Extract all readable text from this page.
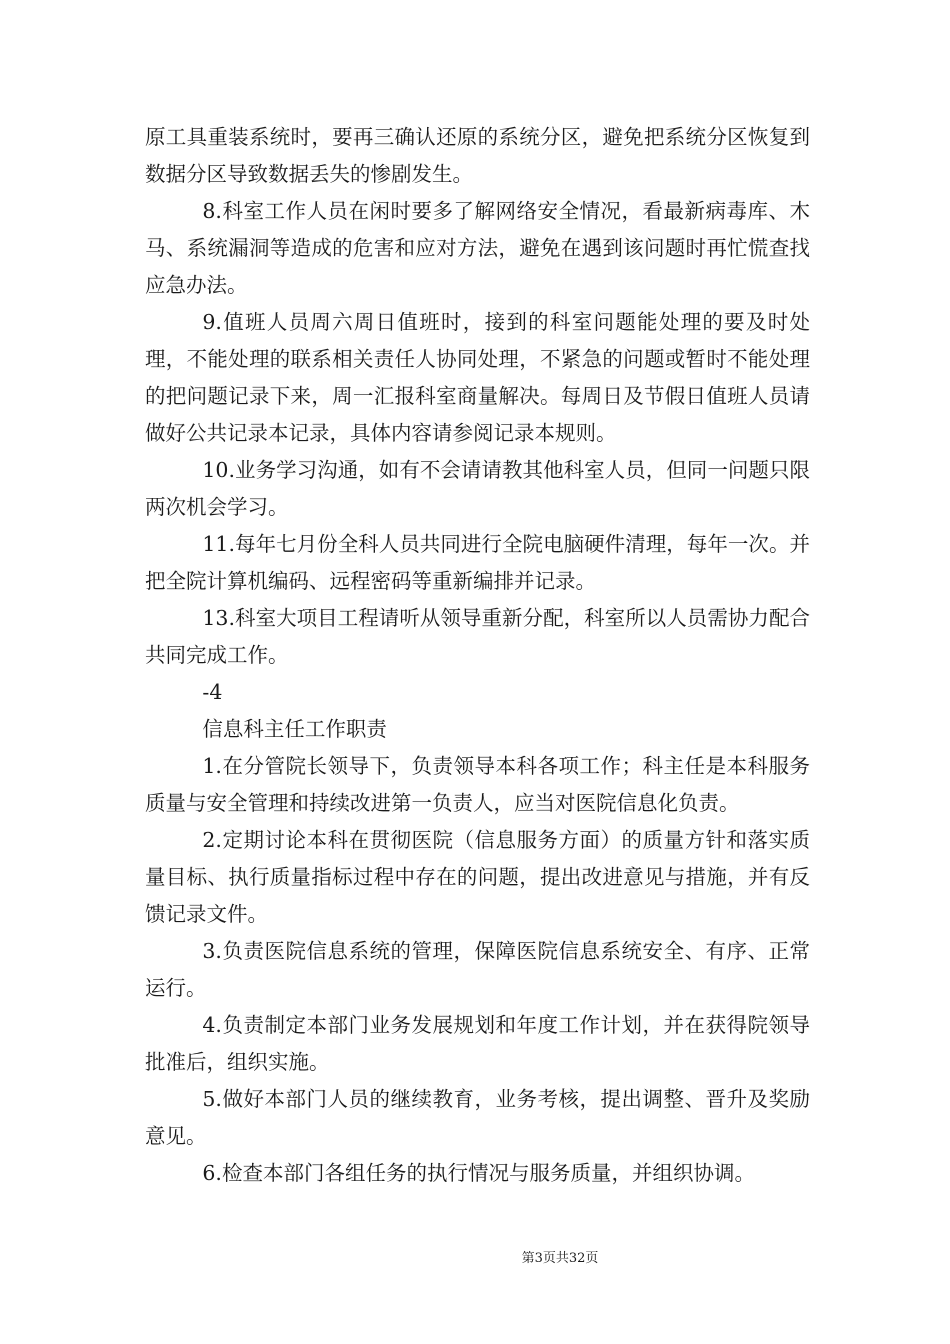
原工具重装系统时，要再三确认还原的系统分区，避免把系统分区恢复到数据分区导致数据丢失的惨剧发生。

8.科室工作人员在闲时要多了解网络安全情况，看最新病毒库、木马、系统漏洞等造成的危害和应对方法，避免在遇到该问题时再忙慌查找应急办法。

9.值班人员周六周日值班时，接到的科室问题能处理的要及时处理，不能处理的联系相关责任人协同处理，不紧急的问题或暂时不能处理的把问题记录下来，周一汇报科室商量解决。每周日及节假日值班人员请做好公共记录本记录，具体内容请参阅记录本规则。

10.业务学习沟通，如有不会请请教其他科室人员，但同一问题只限两次机会学习。

11.每年七月份全科人员共同进行全院电脑硬件清理，每年一次。并把全院计算机编码、远程密码等重新编排并记录。

13.科室大项目工程请听从领导重新分配，科室所以人员需协力配合共同完成工作。

-4

信息科主任工作职责

1.在分管院长领导下，负责领导本科各项工作；科主任是本科服务质量与安全管理和持续改进第一负责人，应当对医院信息化负责。

2.定期讨论本科在贯彻医院（信息服务方面）的质量方针和落实质量目标、执行质量指标过程中存在的问题，提出改进意见与措施，并有反馈记录文件。

3.负责医院信息系统的管理，保障医院信息系统安全、有序、正常运行。

4.负责制定本部门业务发展规划和年度工作计划，并在获得院领导批准后，组织实施。

5.做好本部门人员的继续教育，业务考核，提出调整、晋升及奖励意见。

6.检查本部门各组任务的执行情况与服务质量，并组织协调。

第3页共32页
